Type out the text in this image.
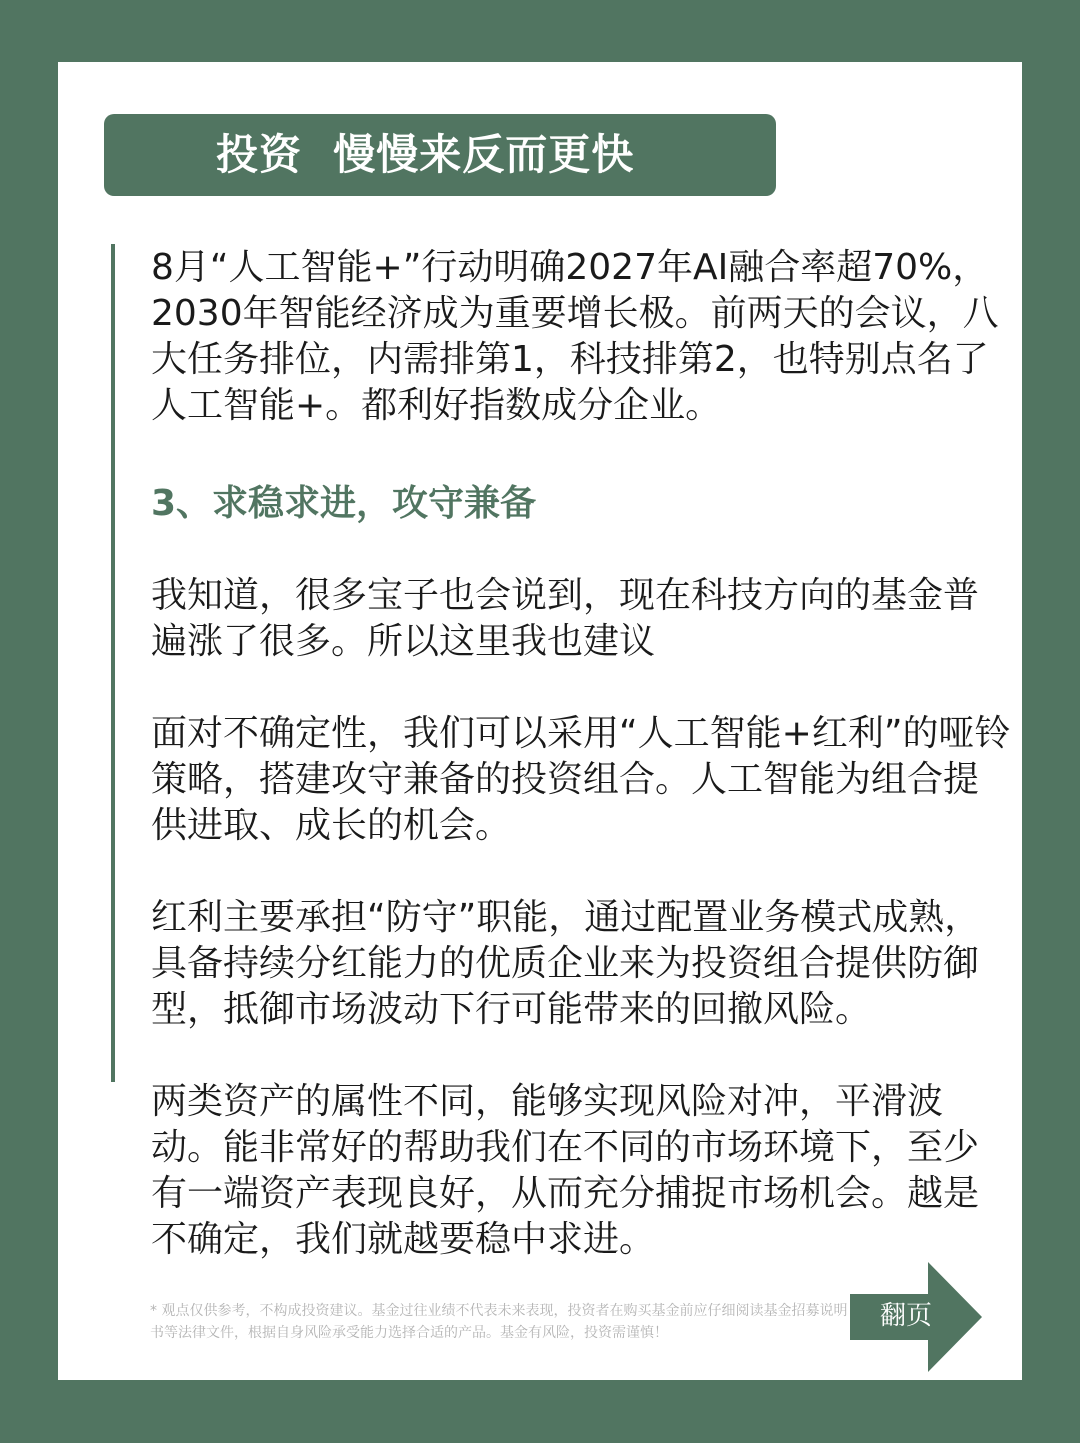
投资  慢慢来反而更快

8月“人工智能+”行动明确2027年AI融合率超70%，2030年智能经济成为重要增长极。前两天的会议，八大任务排位，内需排第1，科技排第2，也特别点名了人工智能+。都利好指数成分企业。

3、求稳求进，攻守兼备

我知道，很多宝子也会说到，现在科技方向的基金普遍涨了很多。所以这里我也建议

面对不确定性，我们可以采用“人工智能+红利”的哑铃策略，搭建攻守兼备的投资组合。人工智能为组合提供进取、成长的机会。

红利主要承担“防守”职能，通过配置业务模式成熟，具备持续分红能力的优质企业来为投资组合提供防御型，抵御市场波动下行可能带来的回撤风险。

两类资产的属性不同，能够实现风险对冲，平滑波动。能非常好的帮助我们在不同的市场环境下，至少有一端资产表现良好，从而充分捕捉市场机会。越是不确定，我们就越要稳中求进。

* 观点仅供参考，不构成投资建议。基金过往业绩不代表未来表现，投资者在购买基金前应仔细阅读基金招募说明书等法律文件，根据自身风险承受能力选择合适的产品。基金有风险，投资需谨慎！
翻页
